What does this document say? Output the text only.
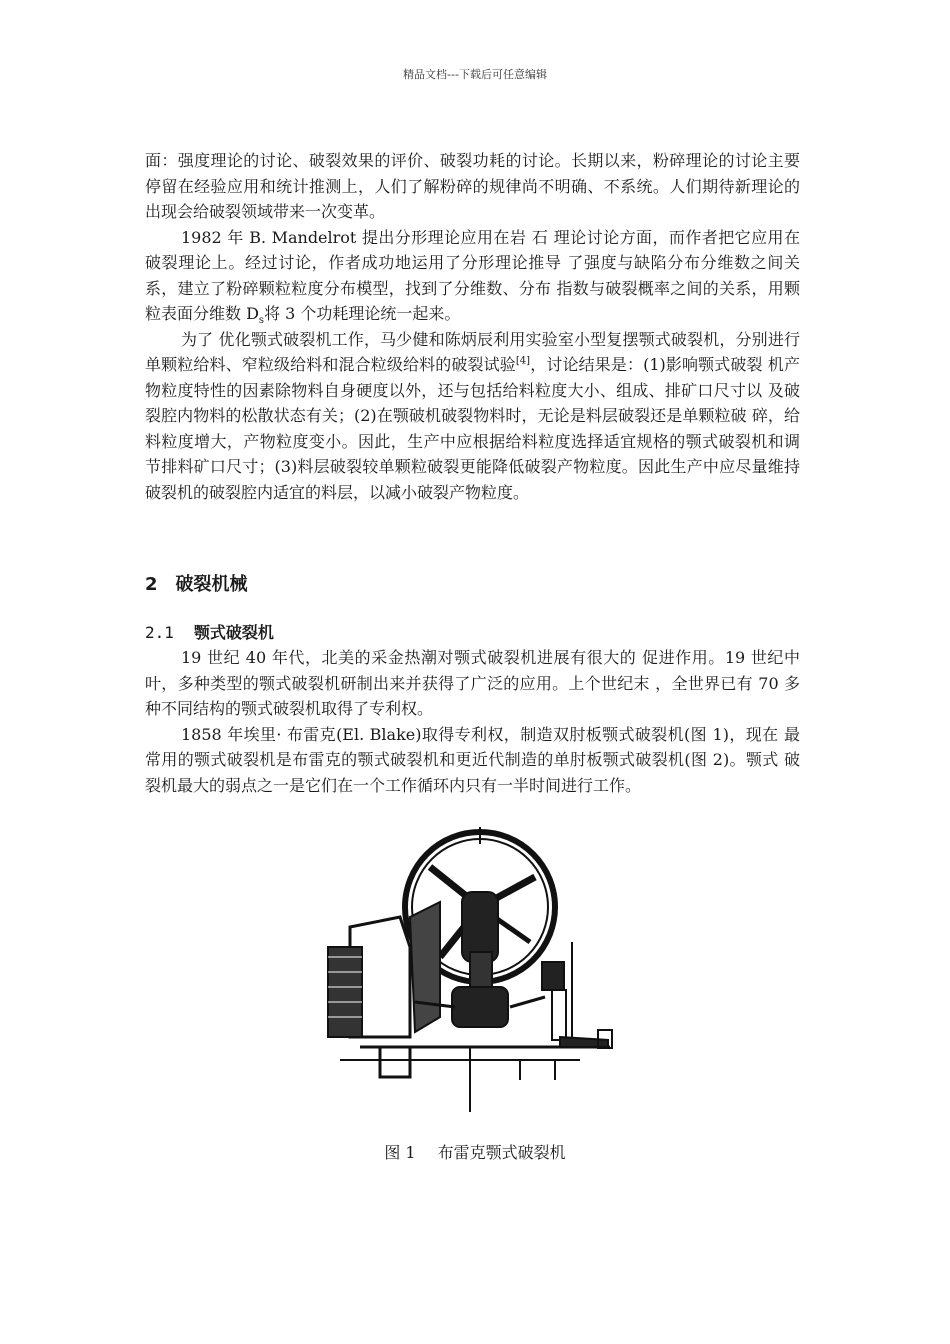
精品文档---下载后可任意编辑

面：强度理论的讨论、破裂效果的评价、破裂功耗的讨论。长期以来，粉碎理论的讨论主要 停留在经验应用和统计推测上，人们了解粉碎的规律尚不明确、不系统。人们期待新理论的 出现会给破裂领域带来一次变革。

1982 年 B. Mandelrot 提出分形理论应用在岩 石 理论讨论方面，而作者把它应用在破裂理论上。经过讨论，作者成功地运用了分形理论推导 了强度与缺陷分布分维数之间关系，建立了粉碎颗粒粒度分布模型，找到了分维数、分布 指数与破裂概率之间的关系，用颗粒表面分维数 $D_s$将 3 个功耗理论统一起来。

为了 优化颚式破裂机工作，马少健和陈炳辰利用实验室小型复摆颚式破裂机，分别进行单颗粒给料、窄粒级给料和混合粒级给料的破裂试验[4]，讨论结果是：(1)影响颚式破裂 机产物粒度特性的因素除物料自身硬度以外，还与包括给料粒度大小、组成、排矿口尺寸以 及破裂腔内物料的松散状态有关；(2)在颚破机破裂物料时，无论是料层破裂还是单颗粒破 碎，给料粒度增大，产物粒度变小。因此，生产中应根据给料粒度选择适宜规格的颚式破裂机和调节排料矿口尺寸；(3)料层破裂较单颗粒破裂更能降低破裂产物粒度。因此生产中应尽量维持破裂机的破裂腔内适宜的料层，以减小破裂产物粒度。

2 破裂机械
2.1 颚式破裂机

19 世纪 40 年代，北美的采金热潮对颚式破裂机进展有很大的 促进作用。19 世纪中叶，多种类型的颚式破裂机研制出来并获得了广泛的应用。上个世纪末 ，全世界已有 70 多种不同结构的颚式破裂机取得了专利权。

1858 年埃里· 布雷克(El. Blake)取得专利权，制造双肘板颚式破裂机(图 1)，现在 最常用的颚式破裂机是布雷克的颚式破裂机和更近代制造的单肘板颚式破裂机(图 2)。颚式 破裂机最大的弱点之一是它们在一个工作循环内只有一半时间进行工作。

图 1 布雷克颚式破裂机
